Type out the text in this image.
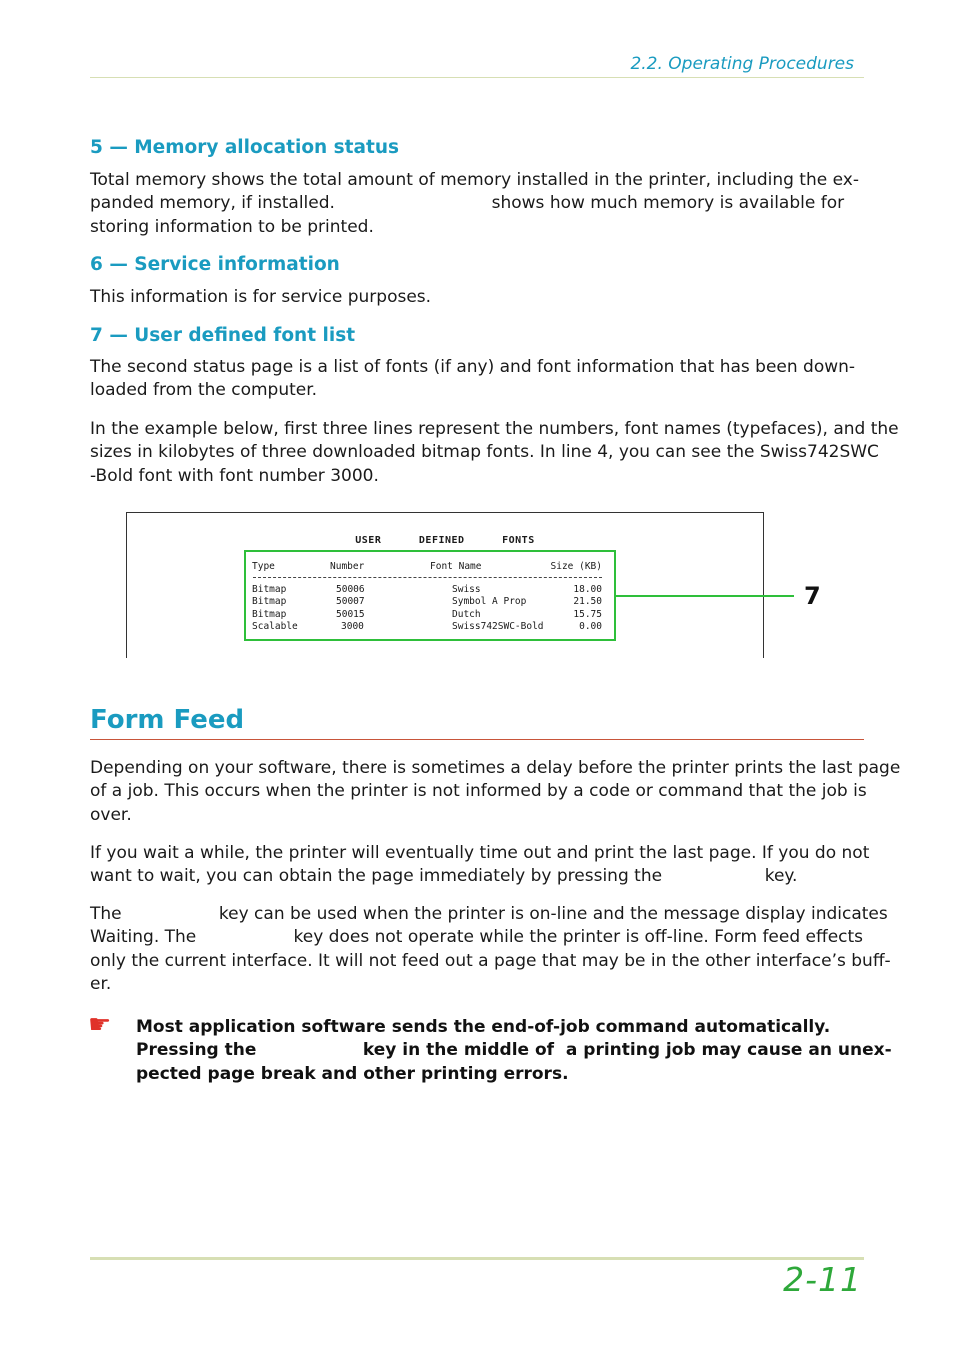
2.2. Operating Procedures
5 — Memory allocation status
Total memory shows the total amount of memory installed in the printer, including the ex-
panded memory, if installed.                             shows how much memory is available for
storing information to be printed.
6 — Service information
This information is for service purposes.
7 — User defined font list
The second status page is a list of fonts (if any) and font information that has been down-
loaded from the computer.
In the example below, first three lines represent the numbers, font names (typefaces), and the
sizes in kilobytes of three downloaded bitmap fonts. In line 4, you can see the Swiss742SWC
-Bold font with font number 3000.
USER   DEFINED   FONTS
Type	Number	Font Name	Size (KB)
Bitmap	50006	Swiss	18.00
Bitmap	50007	Symbol A Prop	21.50
Bitmap	50015	Dutch	15.75
Scalable	3000	Swiss742SWC-Bold	0.00
7
Form Feed
Depending on your software, there is sometimes a delay before the printer prints the last page
of a job. This occurs when the printer is not informed by a code or command that the job is
over.
If you wait a while, the printer will eventually time out and print the last page. If you do not
want to wait, you can obtain the page immediately by pressing the                   key.
The                  key can be used when the printer is on-line and the message display indicates
Waiting. The                  key does not operate while the printer is off-line. Form feed effects
only the current interface. It will not feed out a page that may be in the other interface’s buff-
er.
☛ Most application software sends the end-of-job command automatically.
Pressing the                  key in the middle of  a printing job may cause an unex-
pected page break and other printing errors.
2-11
